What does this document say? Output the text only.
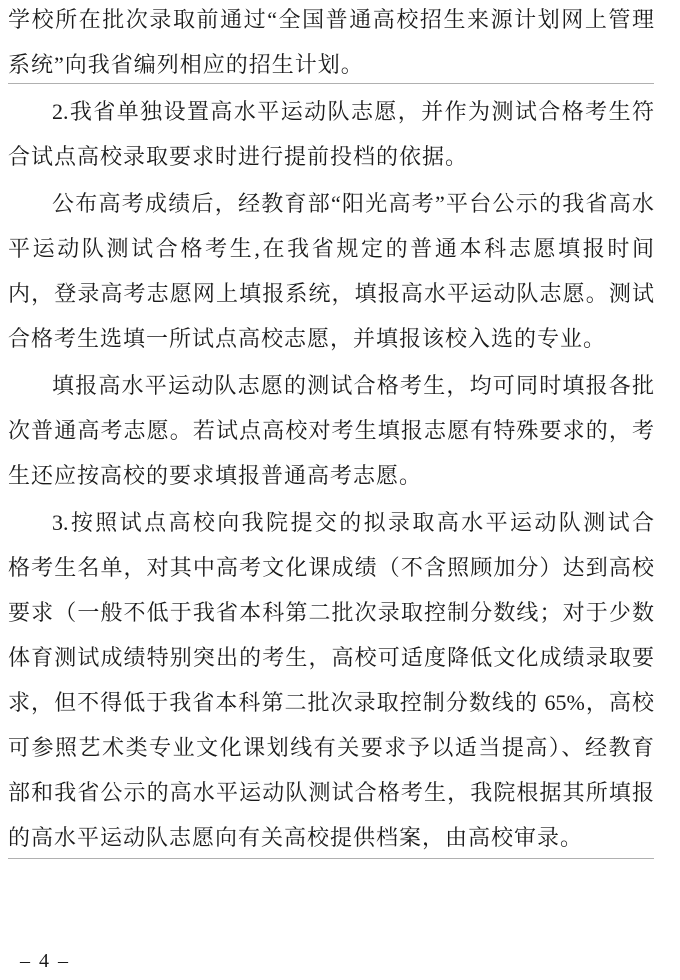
学校所在批次录取前通过“全国普通高校招生来源计划网上管理
系统”向我省编列相应的招生计划。
2.我省单独设置高水平运动队志愿，并作为测试合格考生符
合试点高校录取要求时进行提前投档的依据。
公布高考成绩后，经教育部“阳光高考”平台公示的我省高水
平运动队测试合格考生,在我省规定的普通本科志愿填报时间
内，登录高考志愿网上填报系统，填报高水平运动队志愿。测试
合格考生选填一所试点高校志愿，并填报该校入选的专业。
填报高水平运动队志愿的测试合格考生，均可同时填报各批
次普通高考志愿。若试点高校对考生填报志愿有特殊要求的，考
生还应按高校的要求填报普通高考志愿。
3.按照试点高校向我院提交的拟录取高水平运动队测试合
格考生名单，对其中高考文化课成绩（不含照顾加分）达到高校
要求（一般不低于我省本科第二批次录取控制分数线；对于少数
体育测试成绩特别突出的考生，高校可适度降低文化成绩录取要
求，但不得低于我省本科第二批次录取控制分数线的 65%，高校
可参照艺术类专业文化课划线有关要求予以适当提高）、经教育
部和我省公示的高水平运动队测试合格考生，我院根据其所填报
的高水平运动队志愿向有关高校提供档案，由高校审录。
– 4 –
